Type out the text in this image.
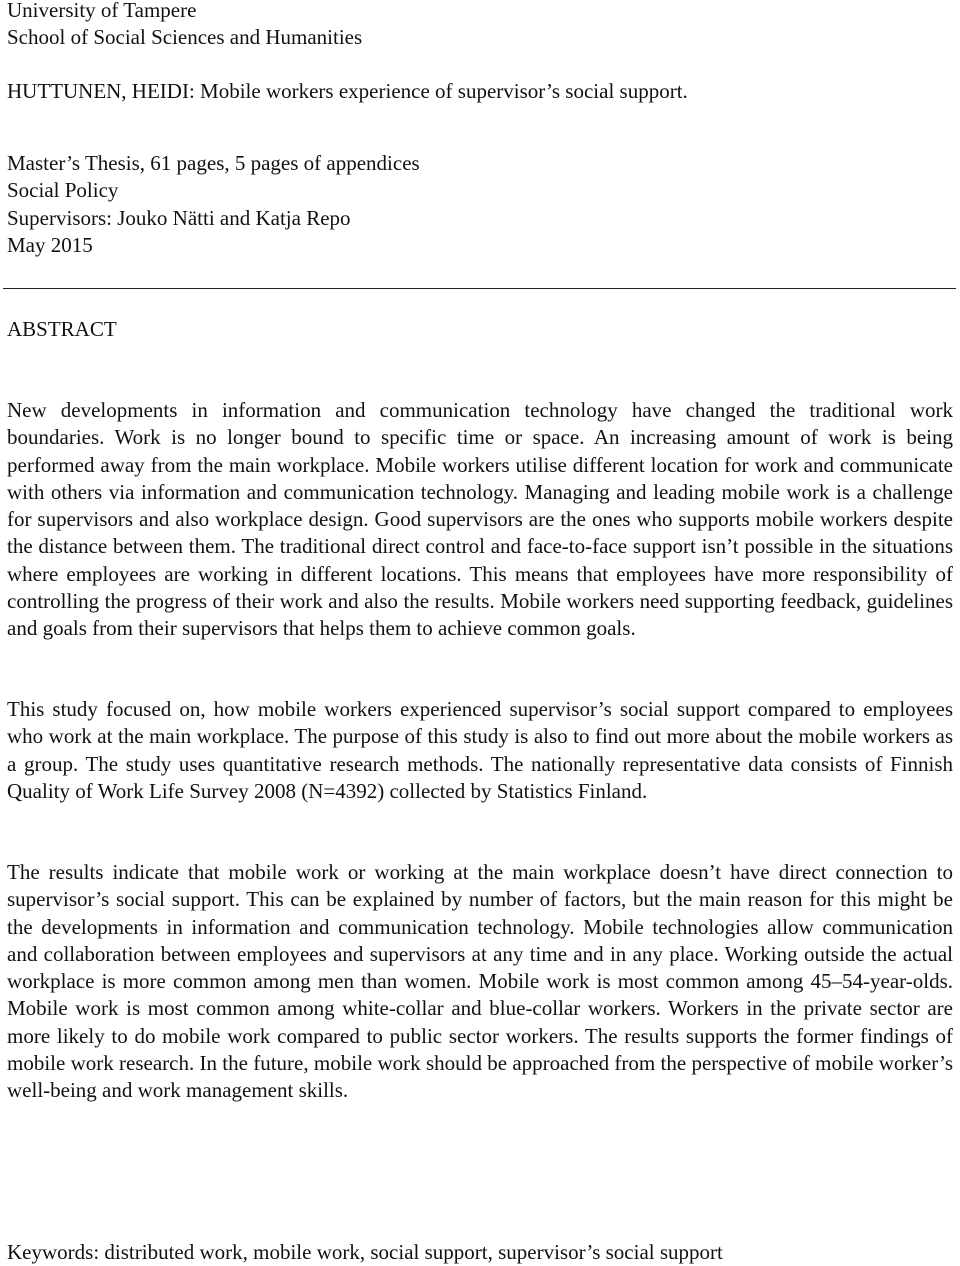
University of Tampere
School of Social Sciences and Humanities
HUTTUNEN, HEIDI: Mobile workers experience of supervisor’s social support.
Master’s Thesis, 61 pages, 5 pages of appendices
Social Policy
Supervisors: Jouko Nätti and Katja Repo
May 2015
ABSTRACT

New developments in information and communication technology have changed the traditional work boundaries. Work is no longer bound to specific time or space. An increasing amount of work is being performed away from the main workplace. Mobile workers utilise different location for work and communicate with others via information and communication technology. Managing and leading mobile work is a challenge for supervisors and also workplace design. Good supervisors are the ones who supports mobile workers despite the distance between them. The traditional direct control and face-to-face support isn’t possible in the situations where employees are working in different locations. This means that employees have more responsibility of controlling the progress of their work and also the results. Mobile workers need supporting feedback, guidelines and goals from their supervisors that helps them to achieve common goals.

This study focused on, how mobile workers experienced supervisor’s social support compared to employees who work at the main workplace. The purpose of this study is also to find out more about the mobile workers as a group. The study uses quantitative research methods. The nationally representative data consists of Finnish Quality of Work Life Survey 2008 (N=4392) collected by Statistics Finland.

The results indicate that mobile work or working at the main workplace doesn’t have direct connection to supervisor’s social support. This can be explained by number of factors, but the main reason for this might be the developments in information and communication technology. Mobile technologies allow communication and collaboration between employees and supervisors at any time and in any place. Working outside the actual workplace is more common among men than women. Mobile work is most common among 45–54-year-olds. Mobile work is most common among white-collar and blue-collar workers. Workers in the private sector are more likely to do mobile work compared to public sector workers. The results supports the former findings of mobile work research. In the future, mobile work should be approached from the perspective of mobile worker’s well-being and work management skills.

Keywords: distributed work, mobile work, social support, supervisor’s social support
